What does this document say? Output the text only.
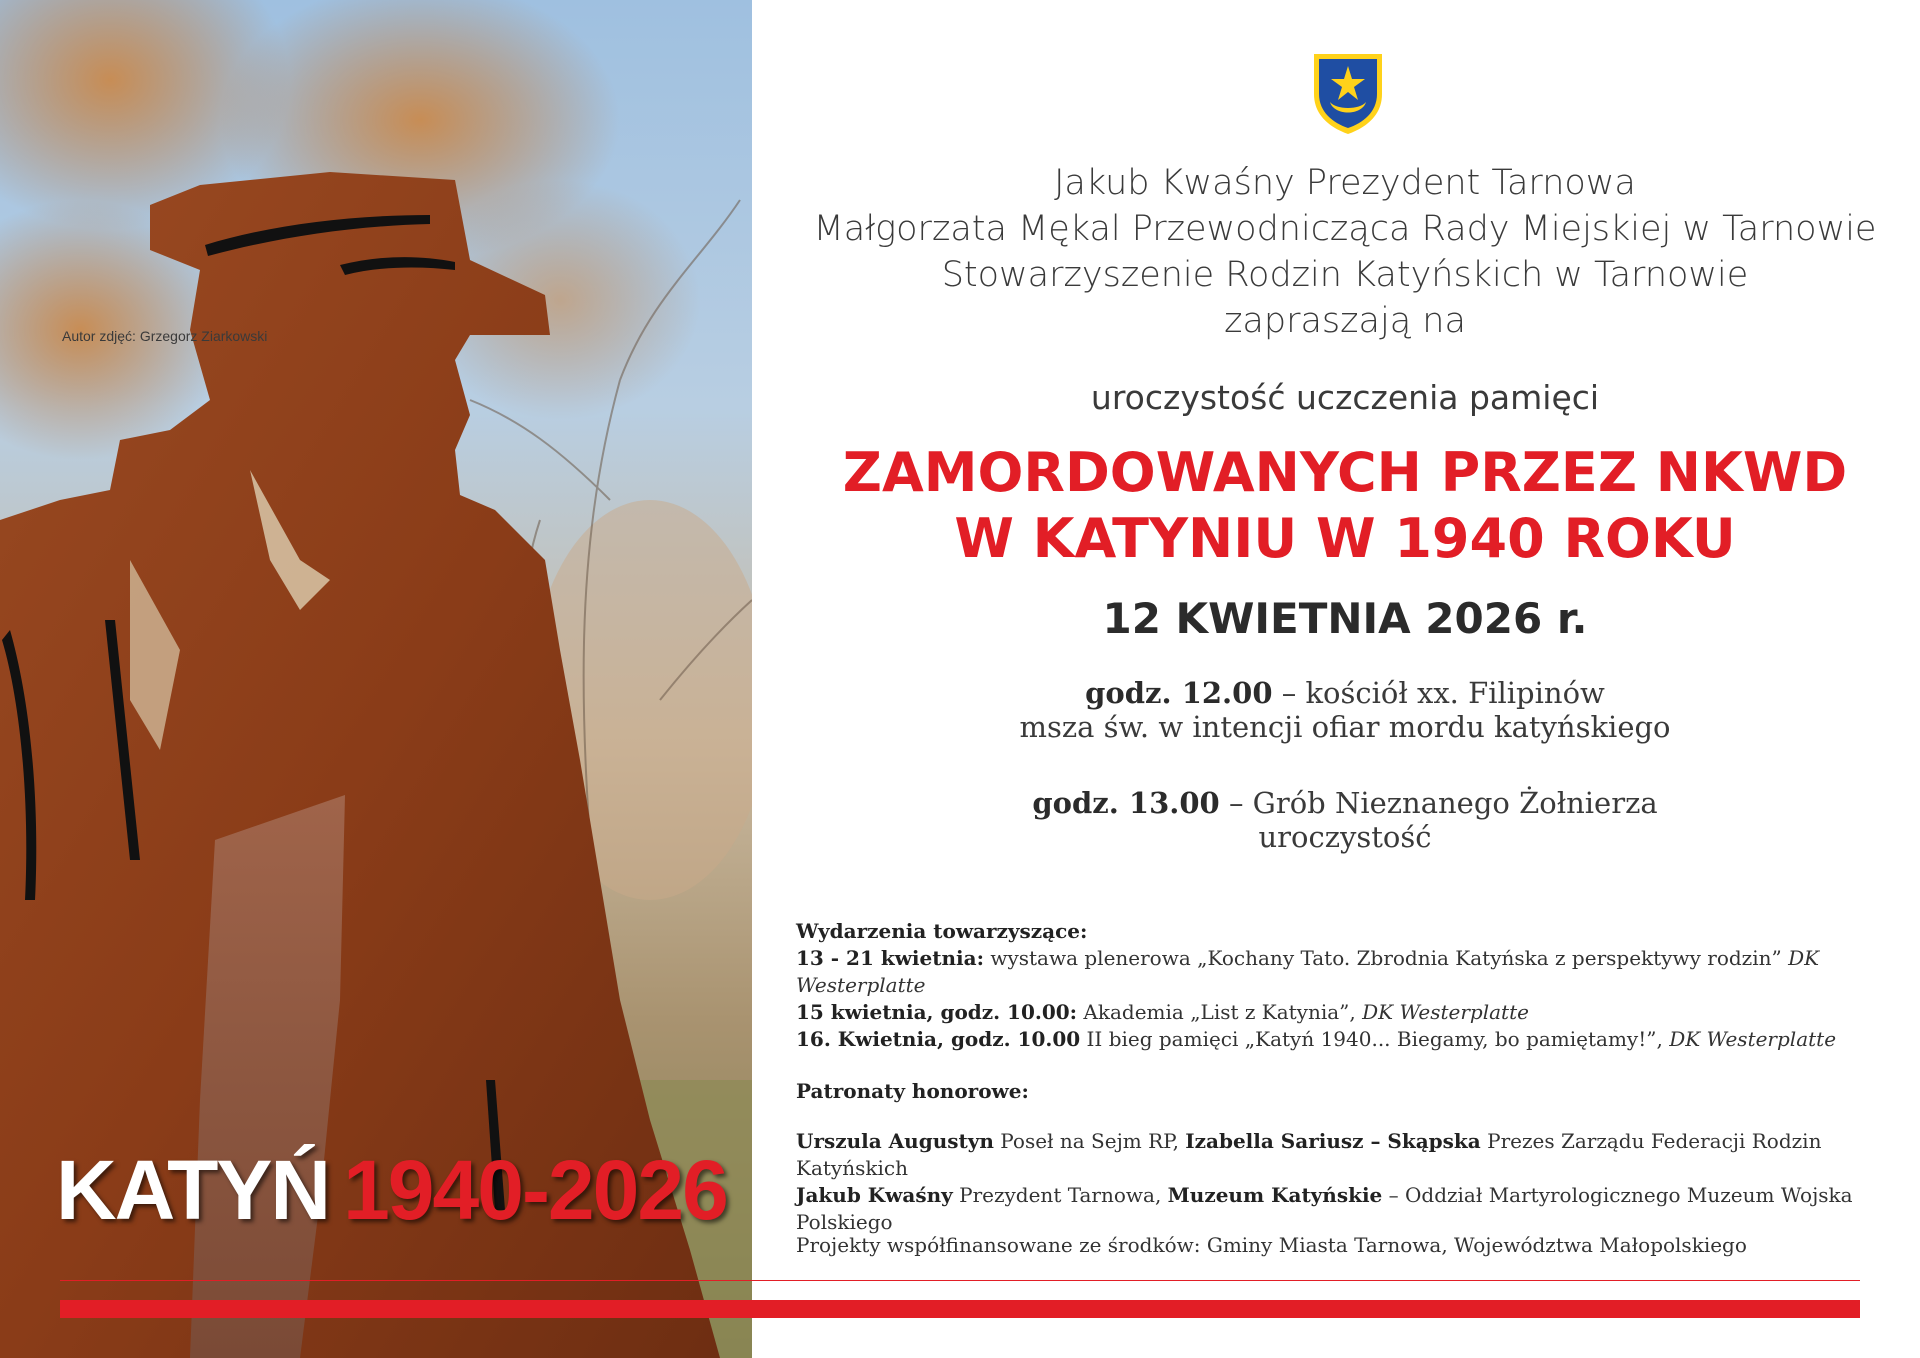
Autor zdjęć: Grzegorz Ziarkowski
KATYŃ 1940-2026
Jakub Kwaśny Prezydent Tarnowa
Małgorzata Mękal Przewodnicząca Rady Miejskiej w Tarnowie
Stowarzyszenie Rodzin Katyńskich w Tarnowie
zapraszają na
uroczystość uczczenia pamięci
ZAMORDOWANYCH PRZEZ NKWD
W KATYNIU W 1940 ROKU
12 KWIETNIA 2026 r.
godz. 12.00 – kościół xx. Filipinów
msza św. w intencji ofiar mordu katyńskiego
godz. 13.00 – Grób Nieznanego Żołnierza
uroczystość
Wydarzenia towarzyszące:
13 - 21 kwietnia: wystawa plenerowa „Kochany Tato. Zbrodnia Katyńska z perspektywy rodzin” DK Westerplatte
15 kwietnia, godz. 10.00: Akademia „List z Katynia”, DK Westerplatte
16. Kwietnia, godz. 10.00 II bieg pamięci „Katyń 1940... Biegamy, bo pamiętamy!”, DK Westerplatte
Patronaty honorowe:
Urszula Augustyn Poseł na Sejm RP, Izabella Sariusz – Skąpska Prezes Zarządu Federacji Rodzin Katyńskich
Jakub Kwaśny Prezydent Tarnowa, Muzeum Katyńskie – Oddział Martyrologicznego Muzeum Wojska Polskiego
Projekty współfinansowane ze środków: Gminy Miasta Tarnowa, Województwa Małopolskiego
